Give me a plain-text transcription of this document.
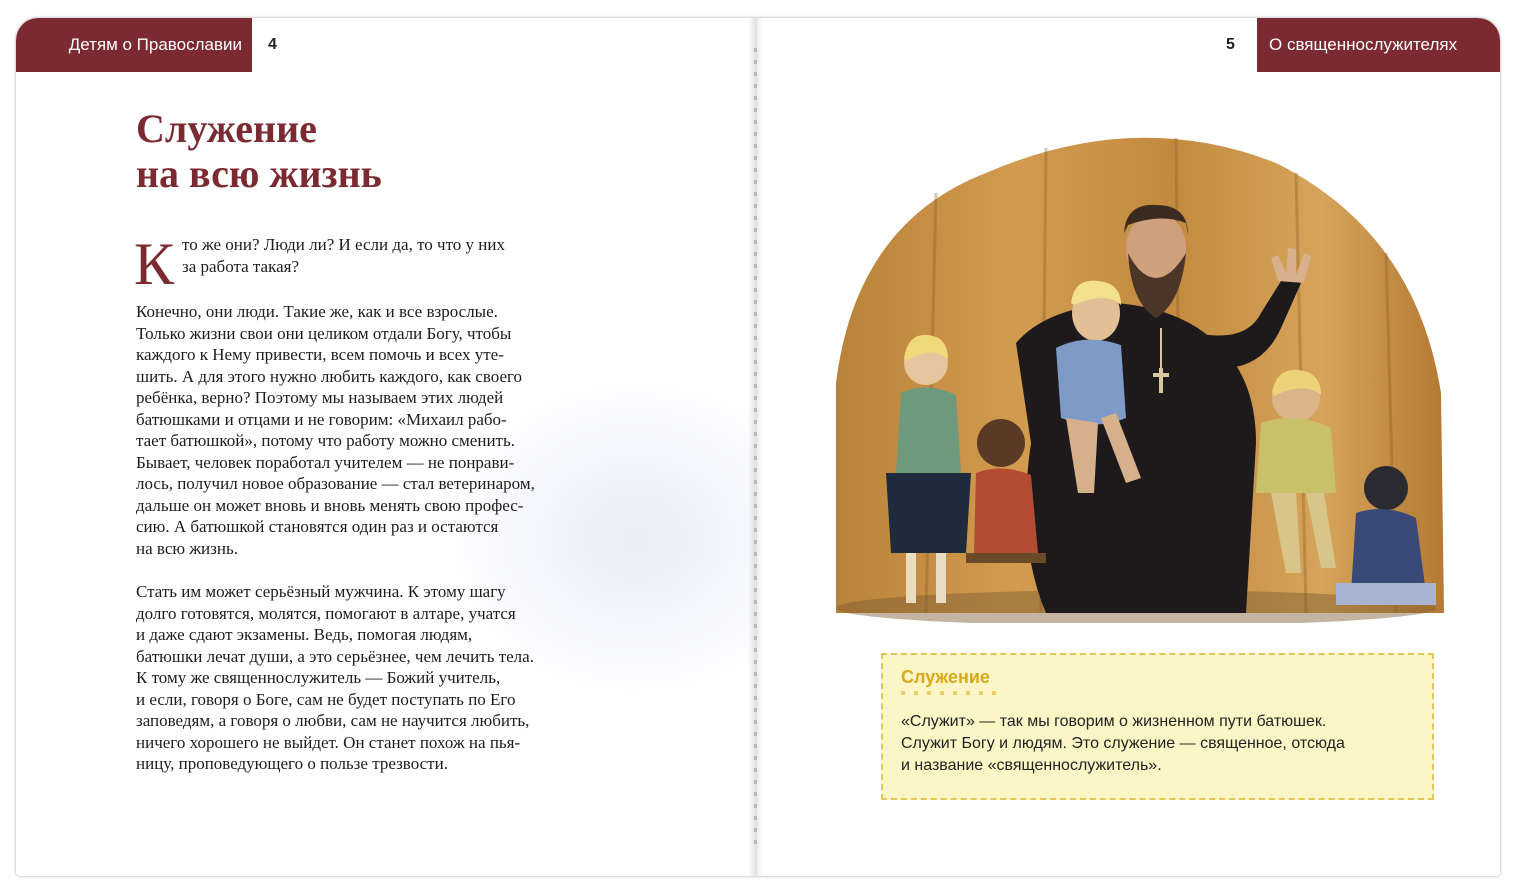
Детям о Православии 4	5 О священнослужителях
Служение
на всю жизнь
К то же они? Люди ли? И если да, то что у них
за работа такая?
Конечно, они люди. Такие же, как и все взрослые.
Только жизни свои они целиком отдали Богу, чтобы
каждого к Нему привести, всем помочь и всех уте-
шить. А для этого нужно любить каждого, как своего
ребёнка, верно? Поэтому мы называем этих людей
батюшками и отцами и не говорим: «Михаил рабо-
тает батюшкой», потому что работу можно сменить.
Бывает, человек поработал учителем — не понрави-
лось, получил новое образование — стал ветеринаром,
дальше он может вновь и вновь менять свою профес-
сию. А батюшкой становятся один раз и остаются
на всю жизнь.
Стать им может серьёзный мужчина. К этому шагу
долго готовятся, молятся, помогают в алтаре, учатся
и даже сдают экзамены. Ведь, помогая людям,
батюшки лечат души, а это серьёзнее, чем лечить тела.
К тому же священнослужитель — Божий учитель,
и если, говоря о Боге, сам не будет поступать по Его
заповедям, а говоря о любви, сам не научится любить,
ничего хорошего не выйдет. Он станет похож на пья-
ницу, проповедующего о пользе трезвости.
Служение
«Служит» — так мы говорим о жизненном пути батюшек.
Служит Богу и людям. Это служение — священное, отсюда
и название «священнослужитель».
